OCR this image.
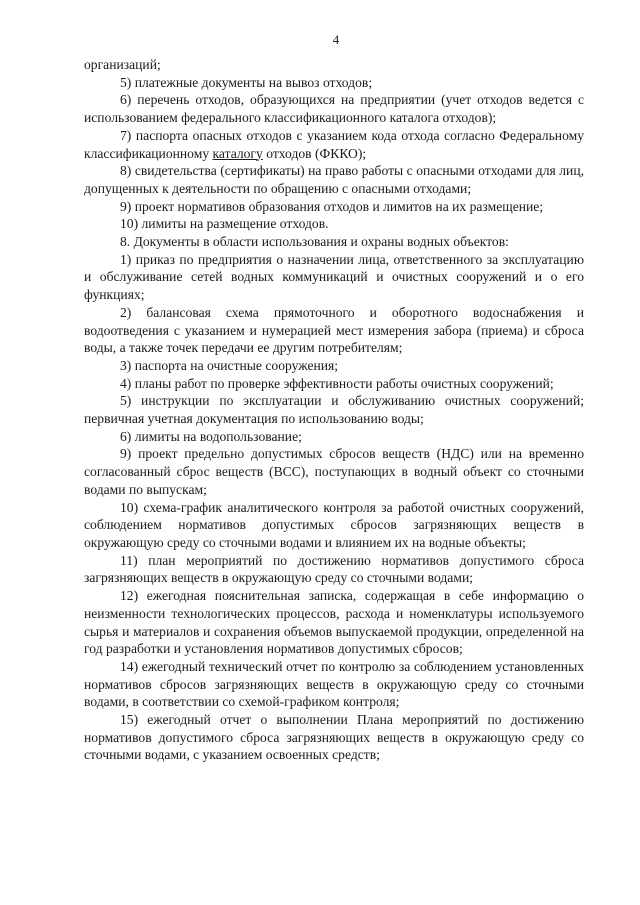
4

организаций;

5) платежные документы на вывоз отходов;

6) перечень отходов, образующихся на предприятии (учет отходов ведется с использованием федерального классификационного каталога отходов);

7) паспорта опасных отходов с указанием кода отхода согласно Федеральному классификационному каталогу отходов (ФККО);

8) свидетельства (сертификаты) на право работы с опасными отходами для лиц, допущенных к деятельности по обращению с опасными отходами;

9) проект нормативов образования отходов и лимитов на их размещение;

10) лимиты на размещение отходов.

8. Документы в области использования и охраны водных объектов:

1) приказ по предприятия о назначении лица, ответственного за эксплуатацию и обслуживание сетей водных коммуникаций и очистных сооружений и о его функциях;

2) балансовая схема прямоточного и оборотного водоснабжения и водоотведения с указанием и нумерацией мест измерения забора (приема) и сброса воды, а также точек передачи ее другим потребителям;

3) паспорта на очистные сооружения;

4) планы работ по проверке эффективности работы очистных сооружений;

5) инструкции по эксплуатации и обслуживанию очистных сооружений; первичная учетная документация по использованию воды;

6) лимиты на водопользование;

9) проект предельно допустимых сбросов веществ (НДС) или на временно согласованный сброс веществ (ВСС), поступающих в водный объект со сточными водами по выпускам;

10) схема-график аналитического контроля за работой очистных сооружений, соблюдением нормативов допустимых сбросов загрязняющих веществ в окружающую среду со сточными водами и влиянием их на водные объекты;

11) план мероприятий по достижению нормативов допустимого сброса загрязняющих веществ в окружающую среду со сточными водами;

12) ежегодная пояснительная записка, содержащая в себе информацию о неизменности технологических процессов, расхода и номенклатуры используемого сырья и материалов и сохранения объемов выпускаемой продукции, определенной на год разработки и установления нормативов допустимых сбросов;

14) ежегодный технический отчет по контролю за соблюдением установленных нормативов сбросов загрязняющих веществ в окружающую среду со сточными водами, в соответствии со схемой-графиком контроля;

15) ежегодный отчет о выполнении Плана мероприятий по достижению нормативов допустимого сброса загрязняющих веществ в окружающую среду со сточными водами, с указанием освоенных средств;
